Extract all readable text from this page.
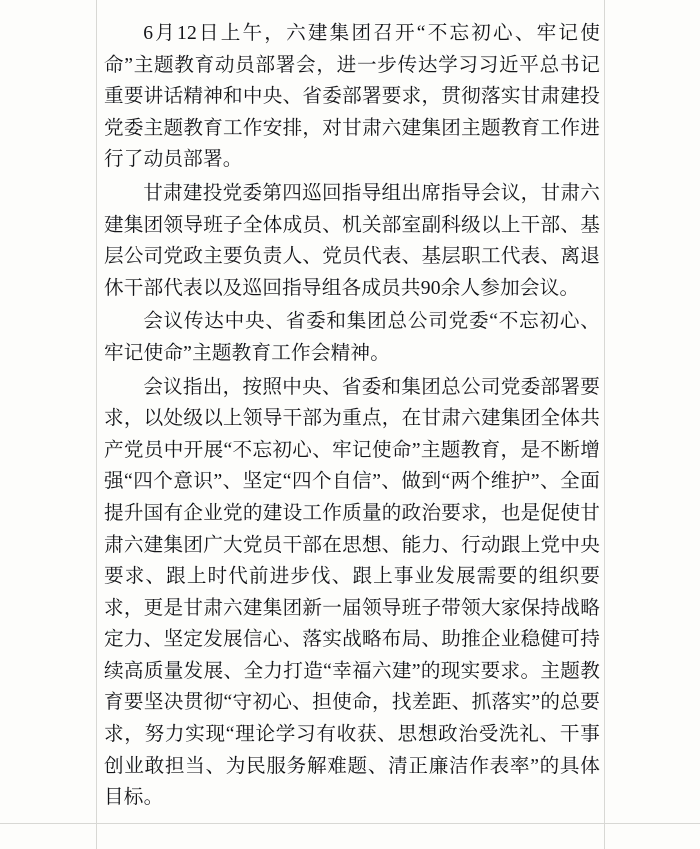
6月12日上午，六建集团召开“不忘初心、牢记使命”主题教育动员部署会，进一步传达学习习近平总书记重要讲话精神和中央、省委部署要求，贯彻落实甘肃建投党委主题教育工作安排，对甘肃六建集团主题教育工作进行了动员部署。

甘肃建投党委第四巡回指导组出席指导会议，甘肃六建集团领导班子全体成员、机关部室副科级以上干部、基层公司党政主要负责人、党员代表、基层职工代表、离退休干部代表以及巡回指导组各成员共90余人参加会议。

会议传达中央、省委和集团总公司党委“不忘初心、牢记使命”主题教育工作会精神。

会议指出，按照中央、省委和集团总公司党委部署要求，以处级以上领导干部为重点，在甘肃六建集团全体共产党员中开展“不忘初心、牢记使命”主题教育，是不断增强“四个意识”、坚定“四个自信”、做到“两个维护”、全面提升国有企业党的建设工作质量的政治要求，也是促使甘肃六建集团广大党员干部在思想、能力、行动跟上党中央要求、跟上时代前进步伐、跟上事业发展需要的组织要求，更是甘肃六建集团新一届领导班子带领大家保持战略定力、坚定发展信心、落实战略布局、助推企业稳健可持续高质量发展、全力打造“幸福六建”的现实要求。主题教育要坚决贯彻“守初心、担使命，找差距、抓落实”的总要求，努力实现“理论学习有收获、思想政治受洗礼、干事创业敢担当、为民服务解难题、清正廉洁作表率”的具体目标。
